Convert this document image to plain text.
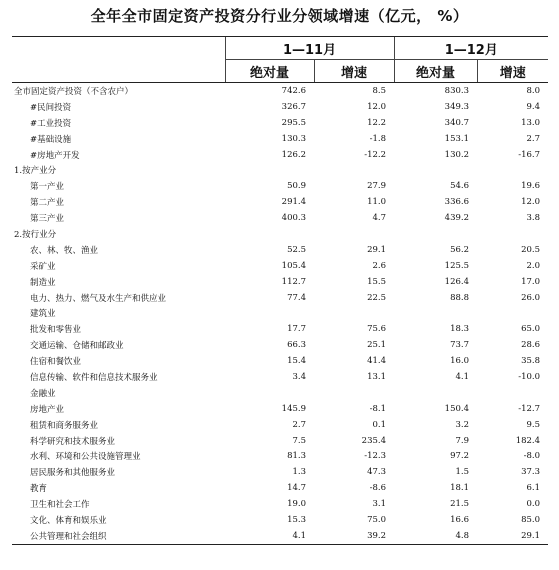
全年全市固定资产投资分行业分领域增速（亿元， %）
	1—11月		1—12月	
	绝对量	增速	绝对量	增速
全市固定资产投资（不含农户）	742.6	8.5	830.3	8.0
#民间投资	326.7	12.0	349.3	9.4
#工业投资	295.5	12.2	340.7	13.0
#基础设施	130.3	-1.8	153.1	2.7
#房地产开发	126.2	-12.2	130.2	-16.7
1.按产业分				
第一产业	50.9	27.9	54.6	19.6
第二产业	291.4	11.0	336.6	12.0
第三产业	400.3	4.7	439.2	3.8
2.按行业分				
农、林、牧、渔业	52.5	29.1	56.2	20.5
采矿业	105.4	2.6	125.5	2.0
制造业	112.7	15.5	126.4	17.0
电力、热力、燃气及水生产和供应业	77.4	22.5	88.8	26.0
建筑业				
批发和零售业	17.7	75.6	18.3	65.0
交通运输、仓储和邮政业	66.3	25.1	73.7	28.6
住宿和餐饮业	15.4	41.4	16.0	35.8
信息传输、软件和信息技术服务业	3.4	13.1	4.1	-10.0
金融业				
房地产业	145.9	-8.1	150.4	-12.7
租赁和商务服务业	2.7	0.1	3.2	9.5
科学研究和技术服务业	7.5	235.4	7.9	182.4
水利、环境和公共设施管理业	81.3	-12.3	97.2	-8.0
居民服务和其他服务业	1.3	47.3	1.5	37.3
教育	14.7	-8.6	18.1	6.1
卫生和社会工作	19.0	3.1	21.5	0.0
文化、体育和娱乐业	15.3	75.0	16.6	85.0
公共管理和社会组织	4.1	39.2	4.8	29.1
